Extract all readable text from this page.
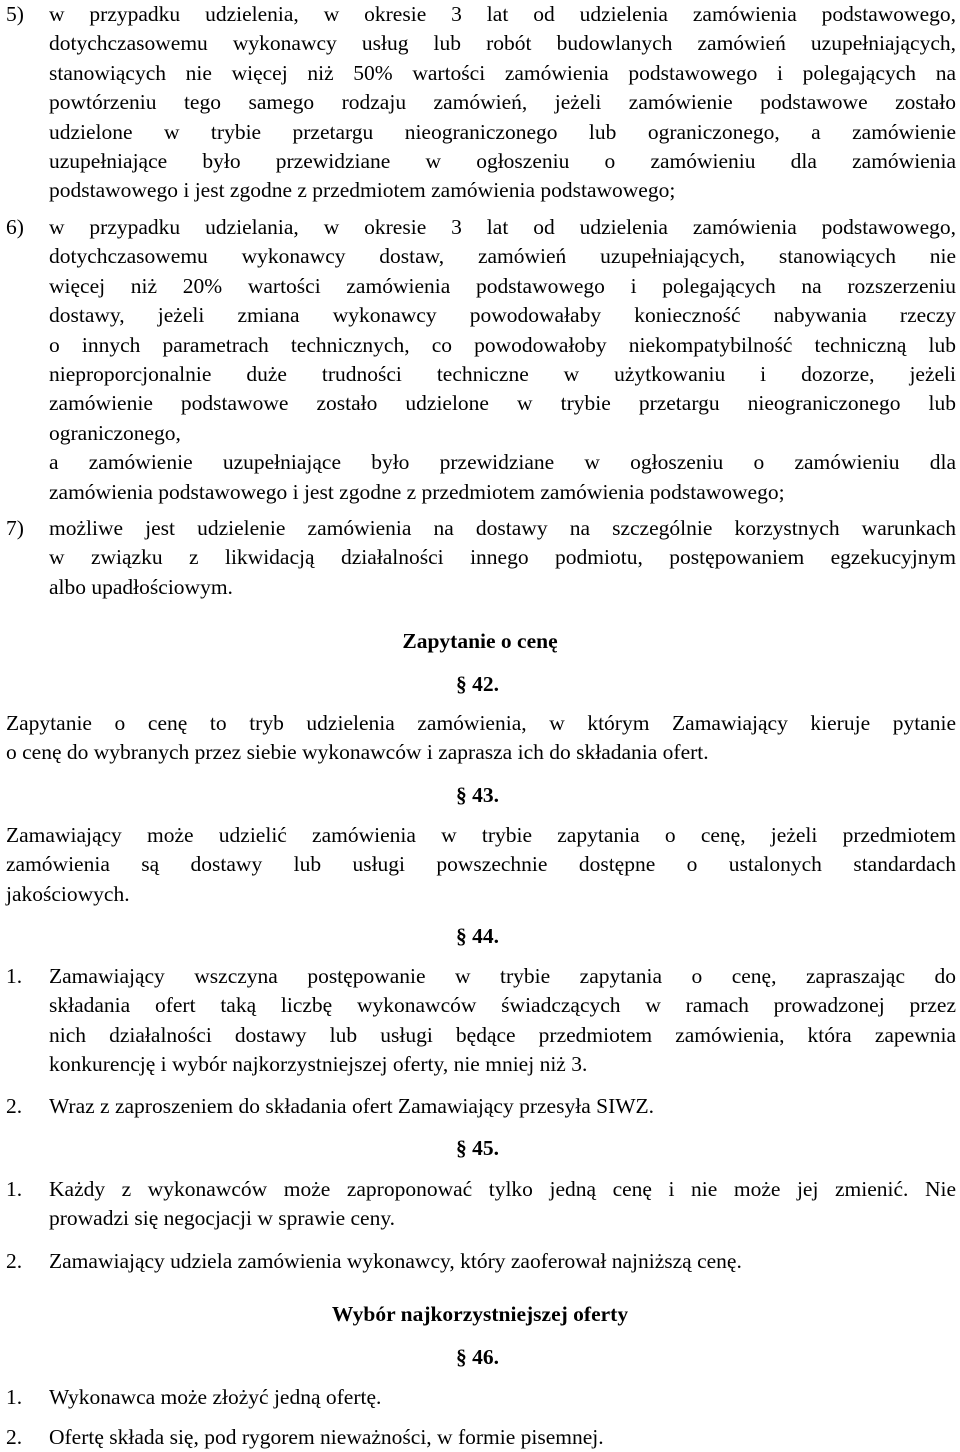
5)	w przypadku udzielenia, w okresie 3 lat od udzielenia zamówienia podstawowego,
dotychczasowemu wykonawcy usług lub robót budowlanych zamówień uzupełniających,
stanowiących nie więcej niż 50% wartości zamówienia podstawowego i polegających na
powtórzeniu tego samego rodzaju zamówień, jeżeli zamówienie podstawowe zostało
udzielone w trybie przetargu nieograniczonego lub ograniczonego, a zamówienie
uzupełniające było przewidziane w ogłoszeniu o zamówieniu dla zamówienia
podstawowego i jest zgodne z przedmiotem zamówienia podstawowego;
6)	w przypadku udzielania, w okresie 3 lat od udzielenia zamówienia podstawowego,
dotychczasowemu wykonawcy dostaw, zamówień uzupełniających, stanowiących nie
więcej niż 20% wartości zamówienia podstawowego i polegających na rozszerzeniu
dostawy, jeżeli zmiana wykonawcy powodowałaby konieczność nabywania rzeczy
o innych parametrach technicznych, co powodowałoby niekompatybilność techniczną lub
nieproporcjonalnie duże trudności techniczne w użytkowaniu i dozorze, jeżeli
zamówienie podstawowe zostało udzielone w trybie przetargu nieograniczonego lub
ograniczonego,
a zamówienie uzupełniające było przewidziane w ogłoszeniu o zamówieniu dla
zamówienia podstawowego i jest zgodne z przedmiotem zamówienia podstawowego;
7)	możliwe jest udzielenie zamówienia na dostawy na szczególnie korzystnych warunkach
w związku z likwidacją działalności innego podmiotu, postępowaniem egzekucyjnym
albo upadłościowym.
Zapytanie o cenę
§ 42.
Zapytanie o cenę to tryb udzielenia zamówienia, w którym Zamawiający kieruje pytanie
o cenę do wybranych przez siebie wykonawców i zaprasza ich do składania ofert.
§ 43.
Zamawiający może udzielić zamówienia w trybie zapytania o cenę, jeżeli przedmiotem
zamówienia są dostawy lub usługi powszechnie dostępne o ustalonych standardach
jakościowych.
§ 44.
1.	Zamawiający wszczyna postępowanie w trybie zapytania o cenę, zapraszając do
składania ofert taką liczbę wykonawców świadczących w ramach prowadzonej przez
nich działalności dostawy lub usługi będące przedmiotem zamówienia, która zapewnia
konkurencję i wybór najkorzystniejszej oferty, nie mniej niż 3.
2.	Wraz z zaproszeniem do składania ofert Zamawiający przesyła SIWZ.
§ 45.
1.	Każdy z wykonawców może zaproponować tylko jedną cenę i nie może jej zmienić. Nie
prowadzi się negocjacji w sprawie ceny.
2.	Zamawiający udziela zamówienia wykonawcy, który zaoferował najniższą cenę.
Wybór najkorzystniejszej oferty
§ 46.
1.	Wykonawca może złożyć jedną ofertę.
2.	Ofertę składa się, pod rygorem nieważności, w formie pisemnej.
